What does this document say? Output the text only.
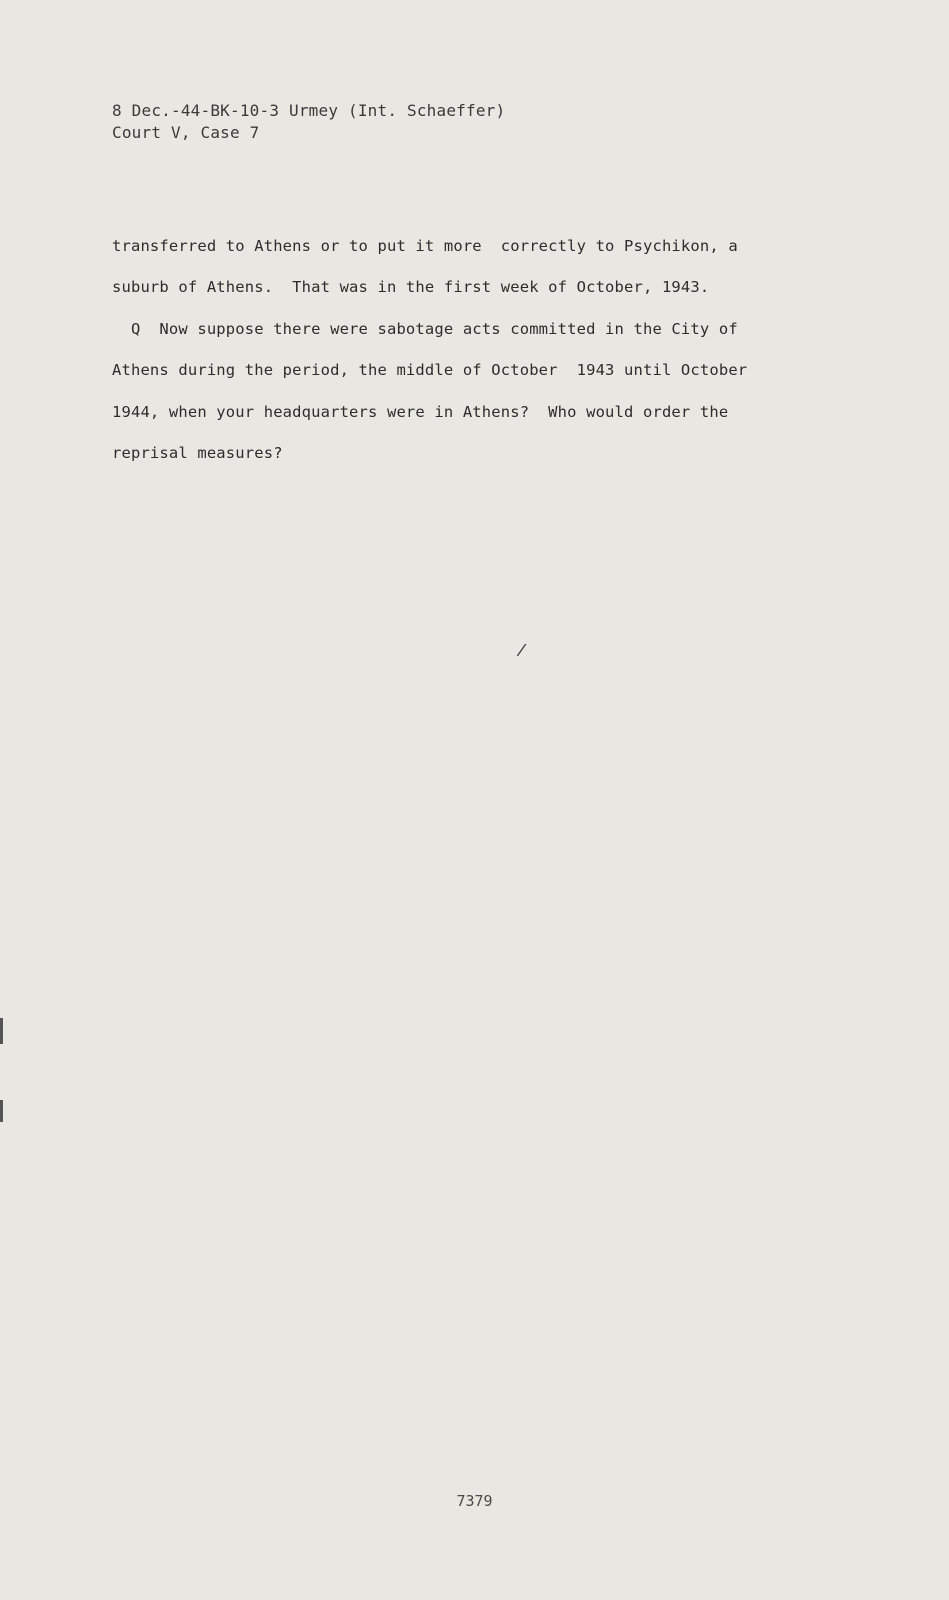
8 Dec.-44-BK-10-3 Urmey (Int. Schaeffer)
Court V, Case 7
transferred to Athens or to put it more  correctly to Psychikon, a
suburb of Athens.  That was in the first week of October, 1943.
Q  Now suppose there were sabotage acts committed in the City of
Athens during the period, the middle of October  1943 until October
1944, when your headquarters were in Athens?  Who would order the
reprisal measures?
/
7379
